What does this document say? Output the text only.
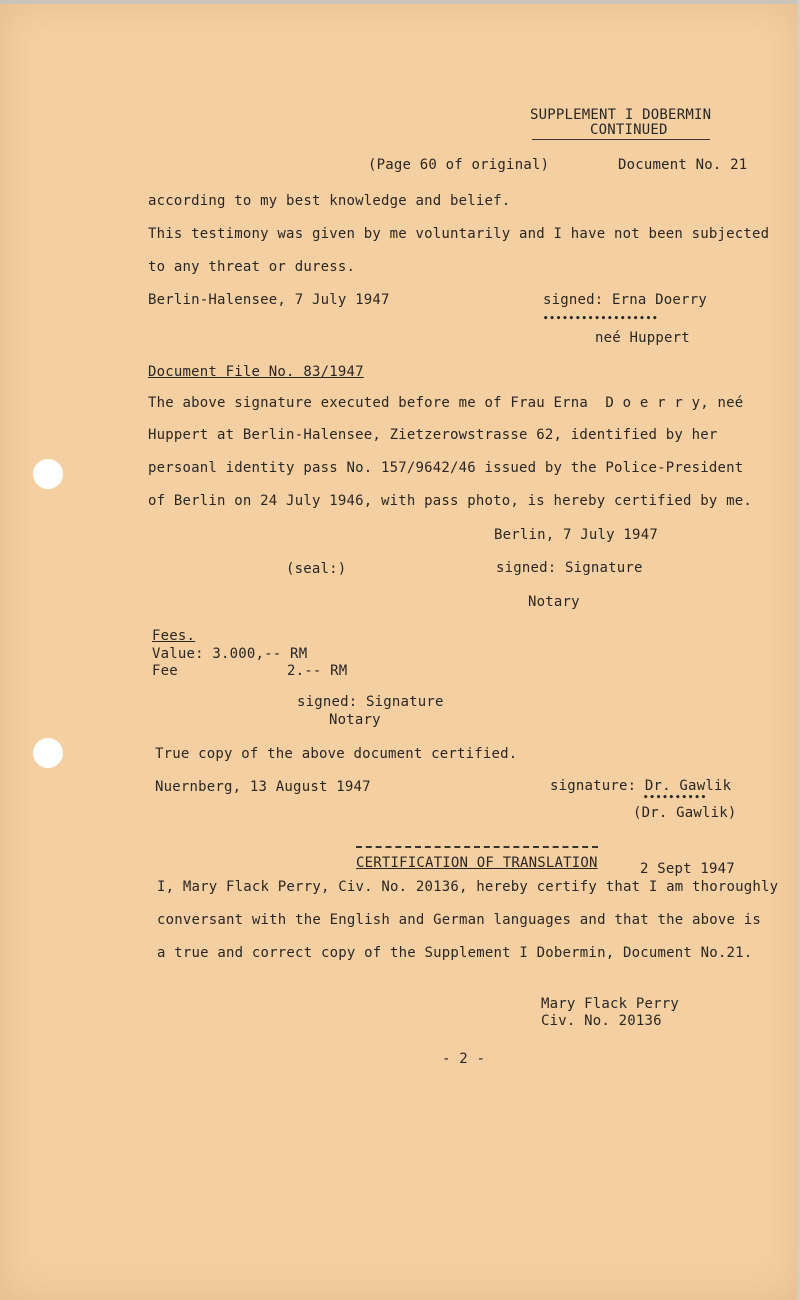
SUPPLEMENT I DOBERMIN
CONTINUED
(Page 60 of original)	Document No. 21
according to my best knowledge and belief.
This testimony was given by me voluntarily and I have not been subjected
to any threat or duress.
Berlin-Halensee, 7 July 1947	signed: Erna Doerry
••••••••••••••••••
neé Huppert
Document File No. 83/1947
The above signature executed before me of Frau Erna  D o e r r y, neé
Huppert at Berlin-Halensee, Zietzerowstrasse 62, identified by her
persoanl identity pass No. 157/9642/46 issued by the Police-President
of Berlin on 24 July 1946, with pass photo, is hereby certified by me.
Berlin, 7 July 1947
(seal:)	signed: Signature
Notary
Fees.
Value: 3.000,-- RM
Fee	2.-- RM
signed: Signature
Notary
True copy of the above document certified.
Nuernberg, 13 August 1947	signature: Dr. Gawlik
••••••••••
(Dr. Gawlik)
CERTIFICATION OF TRANSLATION	2 Sept 1947
I, Mary Flack Perry, Civ. No. 20136, hereby certify that I am thoroughly
conversant with the English and German languages and that the above is
a true and correct copy of the Supplement I Dobermin, Document No.21.
Mary Flack Perry
Civ. No. 20136
- 2 -
